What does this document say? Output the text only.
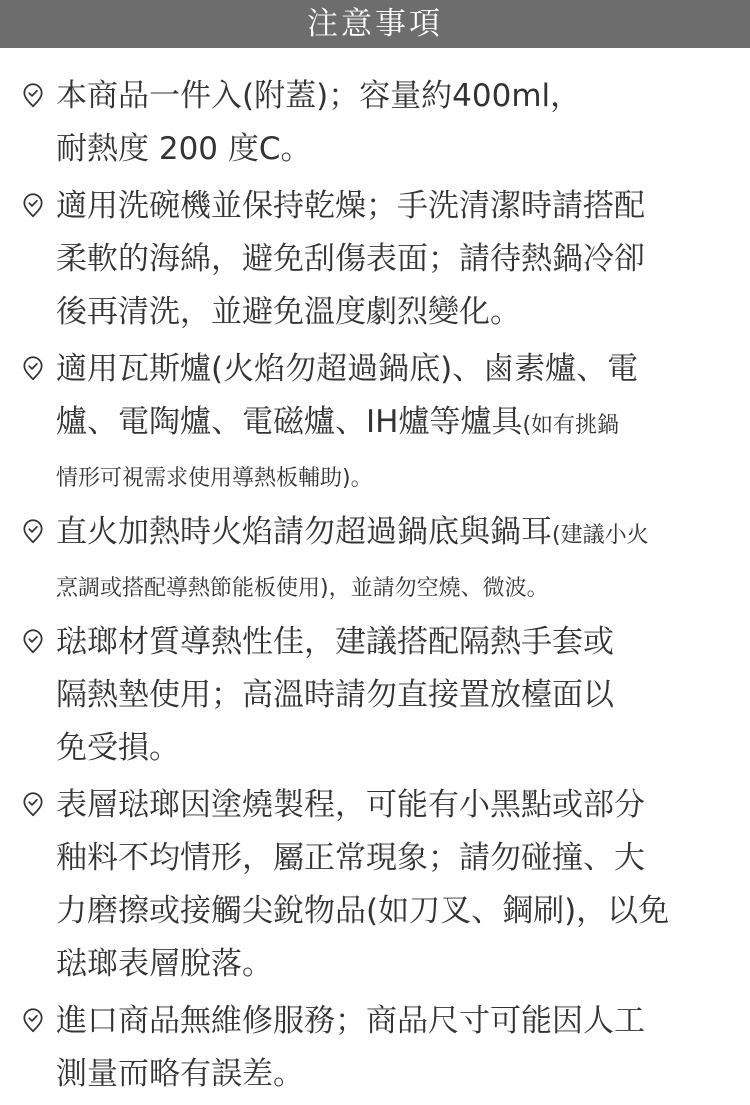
注意事項
本商品一件入(附蓋)；容量約400ml，
耐熱度 200 度C。
適用洗碗機並保持乾燥；手洗清潔時請搭配
柔軟的海綿，避免刮傷表面；請待熱鍋冷卻
後再清洗，並避免溫度劇烈變化。
適用瓦斯爐(火焰勿超過鍋底)、鹵素爐、電
爐、電陶爐、電磁爐、IH爐等爐具(如有挑鍋
情形可視需求使用導熱板輔助)。
直火加熱時火焰請勿超過鍋底與鍋耳(建議小火
烹調或搭配導熱節能板使用)，並請勿空燒、微波。
琺瑯材質導熱性佳，建議搭配隔熱手套或
隔熱墊使用；高溫時請勿直接置放檯面以
免受損。
表層琺瑯因塗燒製程，可能有小黑點或部分
釉料不均情形，屬正常現象；請勿碰撞、大
力磨擦或接觸尖銳物品(如刀叉、鋼刷)，以免
琺瑯表層脫落。
進口商品無維修服務；商品尺寸可能因人工
測量而略有誤差。
